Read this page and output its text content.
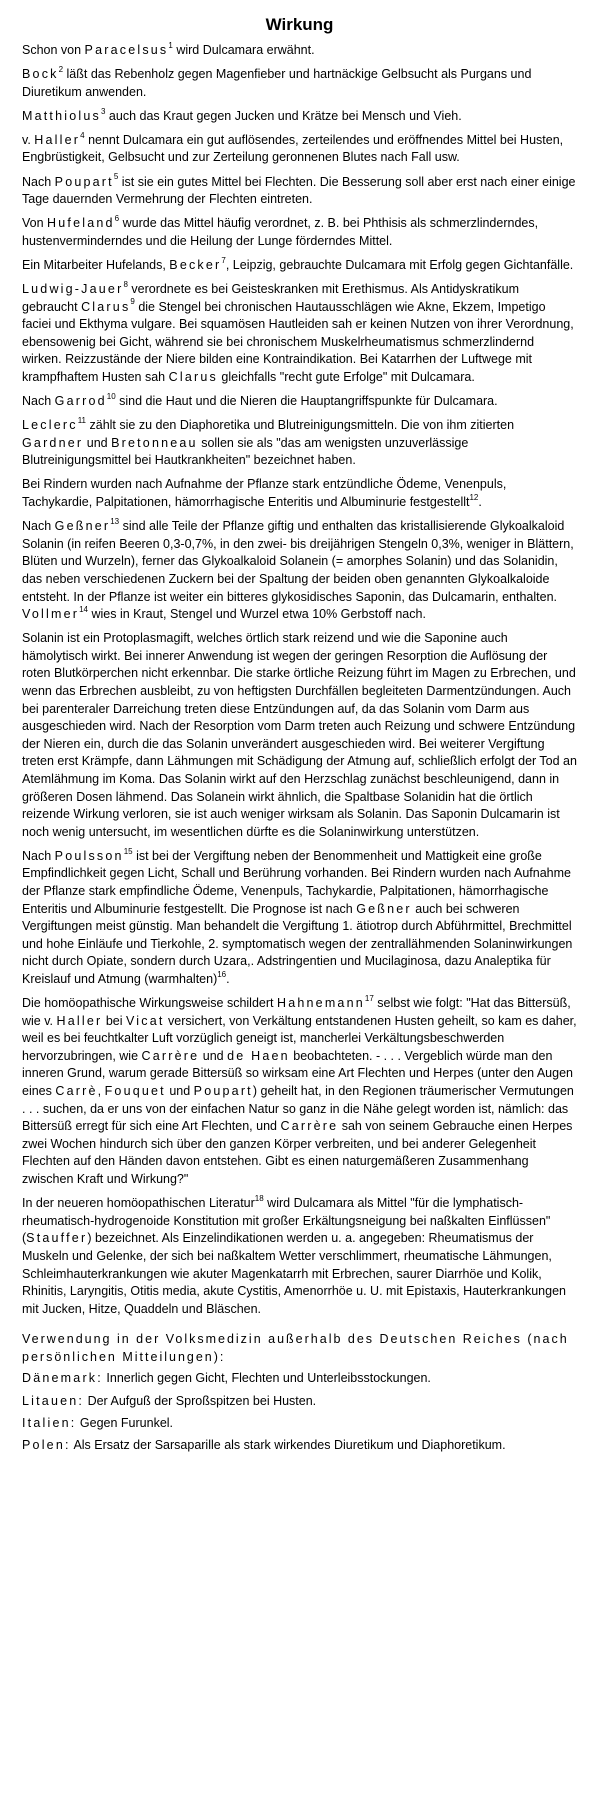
Wirkung

Schon von Paracelsus$^1$ wird Dulcamara erwähnt.

Bock$^2$ läßt das Rebenholz gegen Magenfieber und hartnäckige Gelbsucht als Purgans und Diuretikum anwenden.

Matthiolus$^3$ auch das Kraut gegen Jucken und Krätze bei Mensch und Vieh.

v. Haller$^4$ nennt Dulcamara ein gut auflösendes, zerteilendes und eröffnendes Mittel bei Husten, Engbrüstigkeit, Gelbsucht und zur Zerteilung geronnenen Blutes nach Fall usw.

Nach Poupart$^5$ ist sie ein gutes Mittel bei Flechten. Die Besserung soll aber erst nach einer einige Tage dauernden Vermehrung der Flechten eintreten.

Von Hufeland$^6$ wurde das Mittel häufig verordnet, z. B. bei Phthisis als schmerzlinderndes, hustenverminderndes und die Heilung der Lunge förderndes Mittel.

Ein Mitarbeiter Hufelands, Becker$^7$, Leipzig, gebrauchte Dulcamara mit Erfolg gegen Gichtanfälle.

Ludwig-Jauer$^8$ verordnete es bei Geisteskranken mit Erethismus. Als Antidyskratikum gebraucht Clarus$^9$ die Stengel bei chronischen Hautausschlägen wie Akne, Ekzem, Impetigo faciei und Ekthyma vulgare. Bei squamösen Hautleiden sah er keinen Nutzen von ihrer Verordnung, ebensowenig bei Gicht, während sie bei chronischem Muskelrheumatismus schmerzlindernd wirken. Reizzustände der Niere bilden eine Kontraindikation. Bei Katarrhen der Luftwege mit krampfhaftem Husten sah Clarus gleichfalls "recht gute Erfolge" mit Dulcamara.

Nach Garrod$^{10}$ sind die Haut und die Nieren die Hauptangriffspunkte für Dulcamara.

Leclerc$^{11}$ zählt sie zu den Diaphoretika und Blutreinigungsmitteln. Die von ihm zitierten Gardner und Bretonneau sollen sie als "das am wenigsten unzuverlässige Blutreinigungsmittel bei Hautkrankheiten" bezeichnet haben.

Bei Rindern wurden nach Aufnahme der Pflanze stark entzündliche Ödeme, Venenpuls, Tachykardie, Palpitationen, hämorrhagische Enteritis und Albuminurie festgestellt$^{12}$.

Nach Geßner$^{13}$ sind alle Teile der Pflanze giftig und enthalten das kristallisierende Glykoalkaloid Solanin (in reifen Beeren 0,3-0,7%, in den zwei- bis dreijährigen Stengeln 0,3%, weniger in Blättern, Blüten und Wurzeln), ferner das Glykoalkaloid Solanein (= amorphes Solanin) und das Solanidin, das neben verschiedenen Zuckern bei der Spaltung der beiden oben genannten Glykoalkaloide entsteht. In der Pflanze ist weiter ein bitteres glykosidisches Saponin, das Dulcamarin, enthalten. Vollmer$^{14}$ wies in Kraut, Stengel und Wurzel etwa 10% Gerbstoff nach.

Solanin ist ein Protoplasmagift, welches örtlich stark reizend und wie die Saponine auch hämolytisch wirkt. Bei innerer Anwendung ist wegen der geringen Resorption die Auflösung der roten Blutkörperchen nicht erkennbar. Die starke örtliche Reizung führt im Magen zu Erbrechen, und wenn das Erbrechen ausbleibt, zu von heftigsten Durchfällen begleiteten Darmentzündungen. Auch bei parenteraler Darreichung treten diese Entzündungen auf, da das Solanin vom Darm aus ausgeschieden wird. Nach der Resorption vom Darm treten auch Reizung und schwere Entzündung der Nieren ein, durch die das Solanin unverändert ausgeschieden wird. Bei weiterer Vergiftung treten erst Krämpfe, dann Lähmungen mit Schädigung der Atmung auf, schließlich erfolgt der Tod an Atemlähmung im Koma. Das Solanin wirkt auf den Herzschlag zunächst beschleunigend, dann in größeren Dosen lähmend. Das Solanein wirkt ähnlich, die Spaltbase Solanidin hat die örtlich reizende Wirkung verloren, sie ist auch weniger wirksam als Solanin. Das Saponin Dulcamarin ist noch wenig untersucht, im wesentlichen dürfte es die Solaninwirkung unterstützen.

Nach Poulsson$^{15}$ ist bei der Vergiftung neben der Benommenheit und Mattigkeit eine große Empfindlichkeit gegen Licht, Schall und Berührung vorhanden. Bei Rindern wurden nach Aufnahme der Pflanze stark empfindliche Ödeme, Venenpuls, Tachykardie, Palpitationen, hämorrhagische Enteritis und Albuminurie festgestellt. Die Prognose ist nach Geßner auch bei schweren Vergiftungen meist günstig. Man behandelt die Vergiftung 1. ätiotrop durch Abführmittel, Brechmittel und hohe Einläufe und Tierkohle, 2. symptomatisch wegen der zentrallähmenden Solaninwirkungen nicht durch Opiate, sondern durch Uzara,. Adstringentien und Mucilaginosa, dazu Analeptika für Kreislauf und Atmung (warmhalten)$^{16}$.

Die homöopathische Wirkungsweise schildert Hahnemann$^{17}$ selbst wie folgt: "Hat das Bittersüß, wie v. Haller bei Vicat versichert, von Verkältung entstandenen Husten geheilt, so kam es daher, weil es bei feuchtkalter Luft vorzüglich geneigt ist, mancherlei Verkältungsbeschwerden hervorzubringen, wie Carrère und de Haen beobachteten. - . . . Vergeblich würde man den inneren Grund, warum gerade Bittersüß so wirksam eine Art Flechten und Herpes (unter den Augen eines Carrè, Fouquet und Poupart) geheilt hat, in den Regionen träumerischer Vermutungen . . . suchen, da er uns von der einfachen Natur so ganz in die Nähe gelegt worden ist, nämlich: das Bittersüß erregt für sich eine Art Flechten, und Carrère sah von seinem Gebrauche einen Herpes zwei Wochen hindurch sich über den ganzen Körper verbreiten, und bei anderer Gelegenheit Flechten auf den Händen davon entstehen. Gibt es einen naturgemäßeren Zusammenhang zwischen Kraft und Wirkung?"

In der neueren homöopathischen Literatur$^{18}$ wird Dulcamara als Mittel "für die lymphatisch-rheumatisch-hydrogenoide Konstitution mit großer Erkältungsneigung bei naßkalten Einflüssen" (Stauffer) bezeichnet. Als Einzelindikationen werden u. a. angegeben: Rheumatismus der Muskeln und Gelenke, der sich bei naßkaltem Wetter verschlimmert, rheumatische Lähmungen, Schleimhauterkrankungen wie akuter Magenkatarrh mit Erbrechen, saurer Diarrhöe und Kolik, Rhinitis, Laryngitis, Otitis media, akute Cystitis, Amenorrhöe u. U. mit Epistaxis, Hauterkrankungen mit Jucken, Hitze, Quaddeln und Bläschen.

Verwendung in der Volksmedizin außerhalb des Deutschen Reiches (nach persönlichen Mitteilungen):

Dänemark: Innerlich gegen Gicht, Flechten und Unterleibsstockungen.

Litauen: Der Aufguß der Sproßspitzen bei Husten.

Italien: Gegen Furunkel.

Polen: Als Ersatz der Sarsaparille als stark wirkendes Diuretikum und Diaphoretikum.
